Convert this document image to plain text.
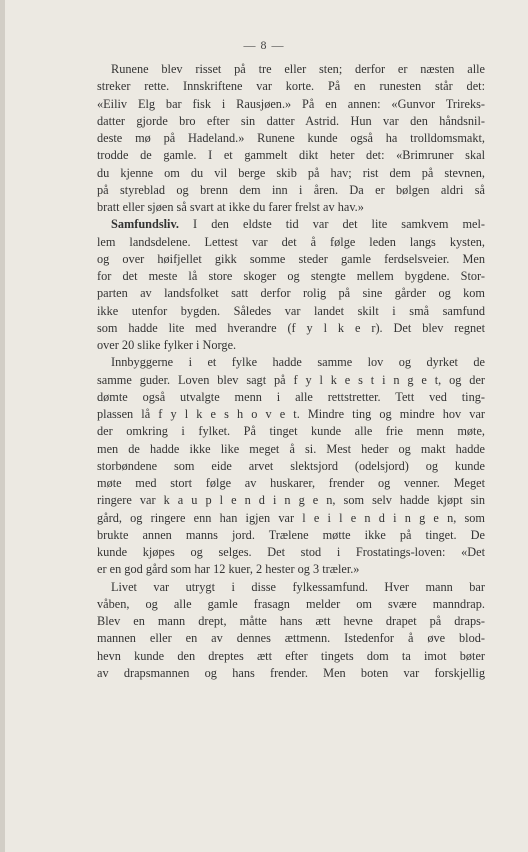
— 8 —
Runene blev risset på tre eller sten; derfor er næsten alle
streker rette. Innskriftene var korte. På en runesten står det:
«Eiliv Elg bar fisk i Rausjøen.» På en annen: «Gunvor Trireks-
datter gjorde bro efter sin datter Astrid. Hun var den håndsnil-
deste mø på Hadeland.» Runene kunde også ha trolldomsmakt,
trodde de gamle. I et gammelt dikt heter det: «Brimruner skal
du kjenne om du vil berge skib på hav; rist dem på stevnen,
på styreblad og brenn dem inn i åren. Da er bølgen aldri så
bratt eller sjøen så svart at ikke du farer frelst av hav.»
Samfundsliv. I den eldste tid var det lite samkvem mel-
lem landsdelene. Lettest var det å følge leden langs kysten,
og over høifjellet gikk somme steder gamle ferdselsveier. Men
for det meste lå store skoger og stengte mellem bygdene. Stor-
parten av landsfolket satt derfor rolig på sine gårder og kom
ikke utenfor bygden. Således var landet skilt i små samfund
som hadde lite med hverandre (f y l k e r). Det blev regnet
over 20 slike fylker i Norge.
Innbyggerne i et fylke hadde samme lov og dyrket de
samme guder. Loven blev sagt på f y l k e s t i n g e t, og der
dømte også utvalgte menn i alle rettstretter. Tett ved ting-
plassen lå f y l k e s h o v e t. Mindre ting og mindre hov var
der omkring i fylket. På tinget kunde alle frie menn møte,
men de hadde ikke like meget å si. Mest heder og makt hadde
storbøndene som eide arvet slektsjord (odelsjord) og kunde
møte med stort følge av huskarer, frender og venner. Meget
ringere var k a u p l e n d i n g e n, som selv hadde kjøpt sin
gård, og ringere enn han igjen var l e i l e n d i n g e n, som
brukte annen manns jord. Trælene møtte ikke på tinget. De
kunde kjøpes og selges. Det stod i Frostatings-loven: «Det
er en god gård som har 12 kuer, 2 hester og 3 træler.»
Livet var utrygt i disse fylkessamfund. Hver mann bar
våben, og alle gamle frasagn melder om svære manndrap.
Blev en mann drept, måtte hans ætt hevne drapet på draps-
mannen eller en av dennes ættmenn. Istedenfor å øve blod-
hevn kunde den dreptes ætt efter tingets dom ta imot bøter
av drapsmannen og hans frender. Men boten var forskjellig
